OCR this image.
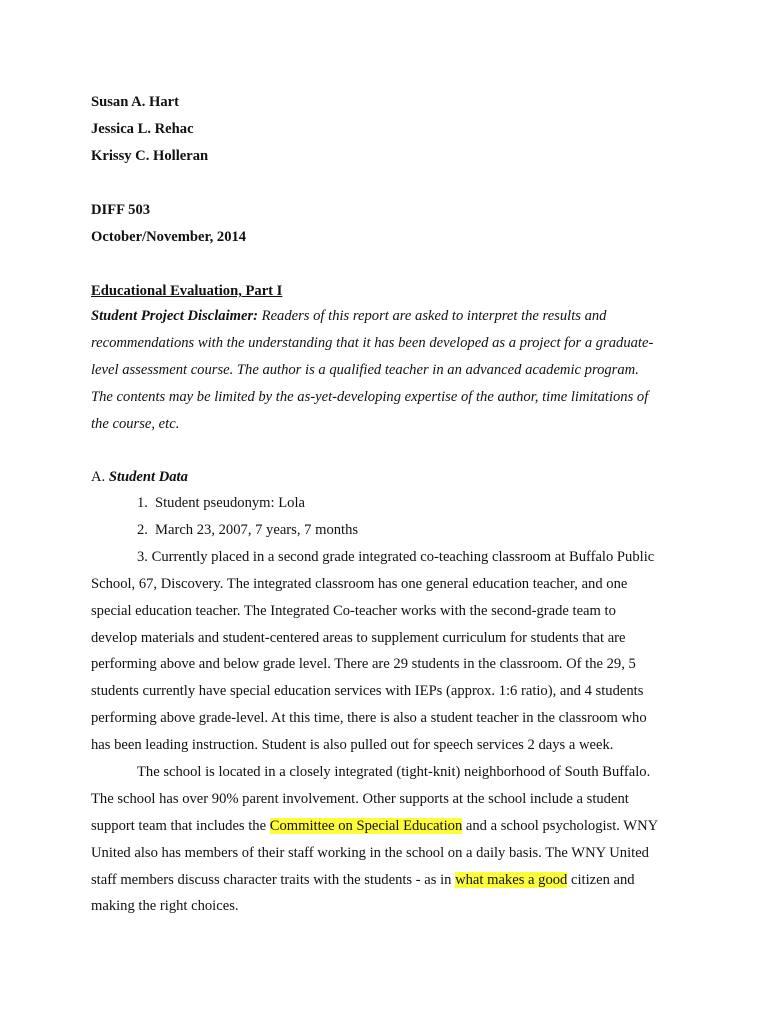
Susan A. Hart
Jessica L. Rehac
Krissy C. Holleran
DIFF 503
October/November, 2014
Educational Evaluation, Part I
Student Project Disclaimer: Readers of this report are asked to interpret the results and
recommendations with the understanding that it has been developed as a project for a graduate-
level assessment course. The author is a qualified teacher in an advanced academic program.
The contents may be limited by the as-yet-developing expertise of the author, time limitations of
the course, etc.
A. Student Data
1. Student pseudonym: Lola
2. March 23, 2007, 7 years, 7 months
3. Currently placed in a second grade integrated co-teaching classroom at Buffalo Public
School, 67, Discovery. The integrated classroom has one general education teacher, and one
special education teacher. The Integrated Co-teacher works with the second-grade team to
develop materials and student-centered areas to supplement curriculum for students that are
performing above and below grade level. There are 29 students in the classroom. Of the 29, 5
students currently have special education services with IEPs (approx. 1:6 ratio), and 4 students
performing above grade-level. At this time, there is also a student teacher in the classroom who
has been leading instruction. Student is also pulled out for speech services 2 days a week.
The school is located in a closely integrated (tight-knit) neighborhood of South Buffalo.
The school has over 90% parent involvement. Other supports at the school include a student
support team that includes the Committee on Special Education and a school psychologist. WNY
United also has members of their staff working in the school on a daily basis. The WNY United
staff members discuss character traits with the students - as in what makes a good citizen and
making the right choices.
